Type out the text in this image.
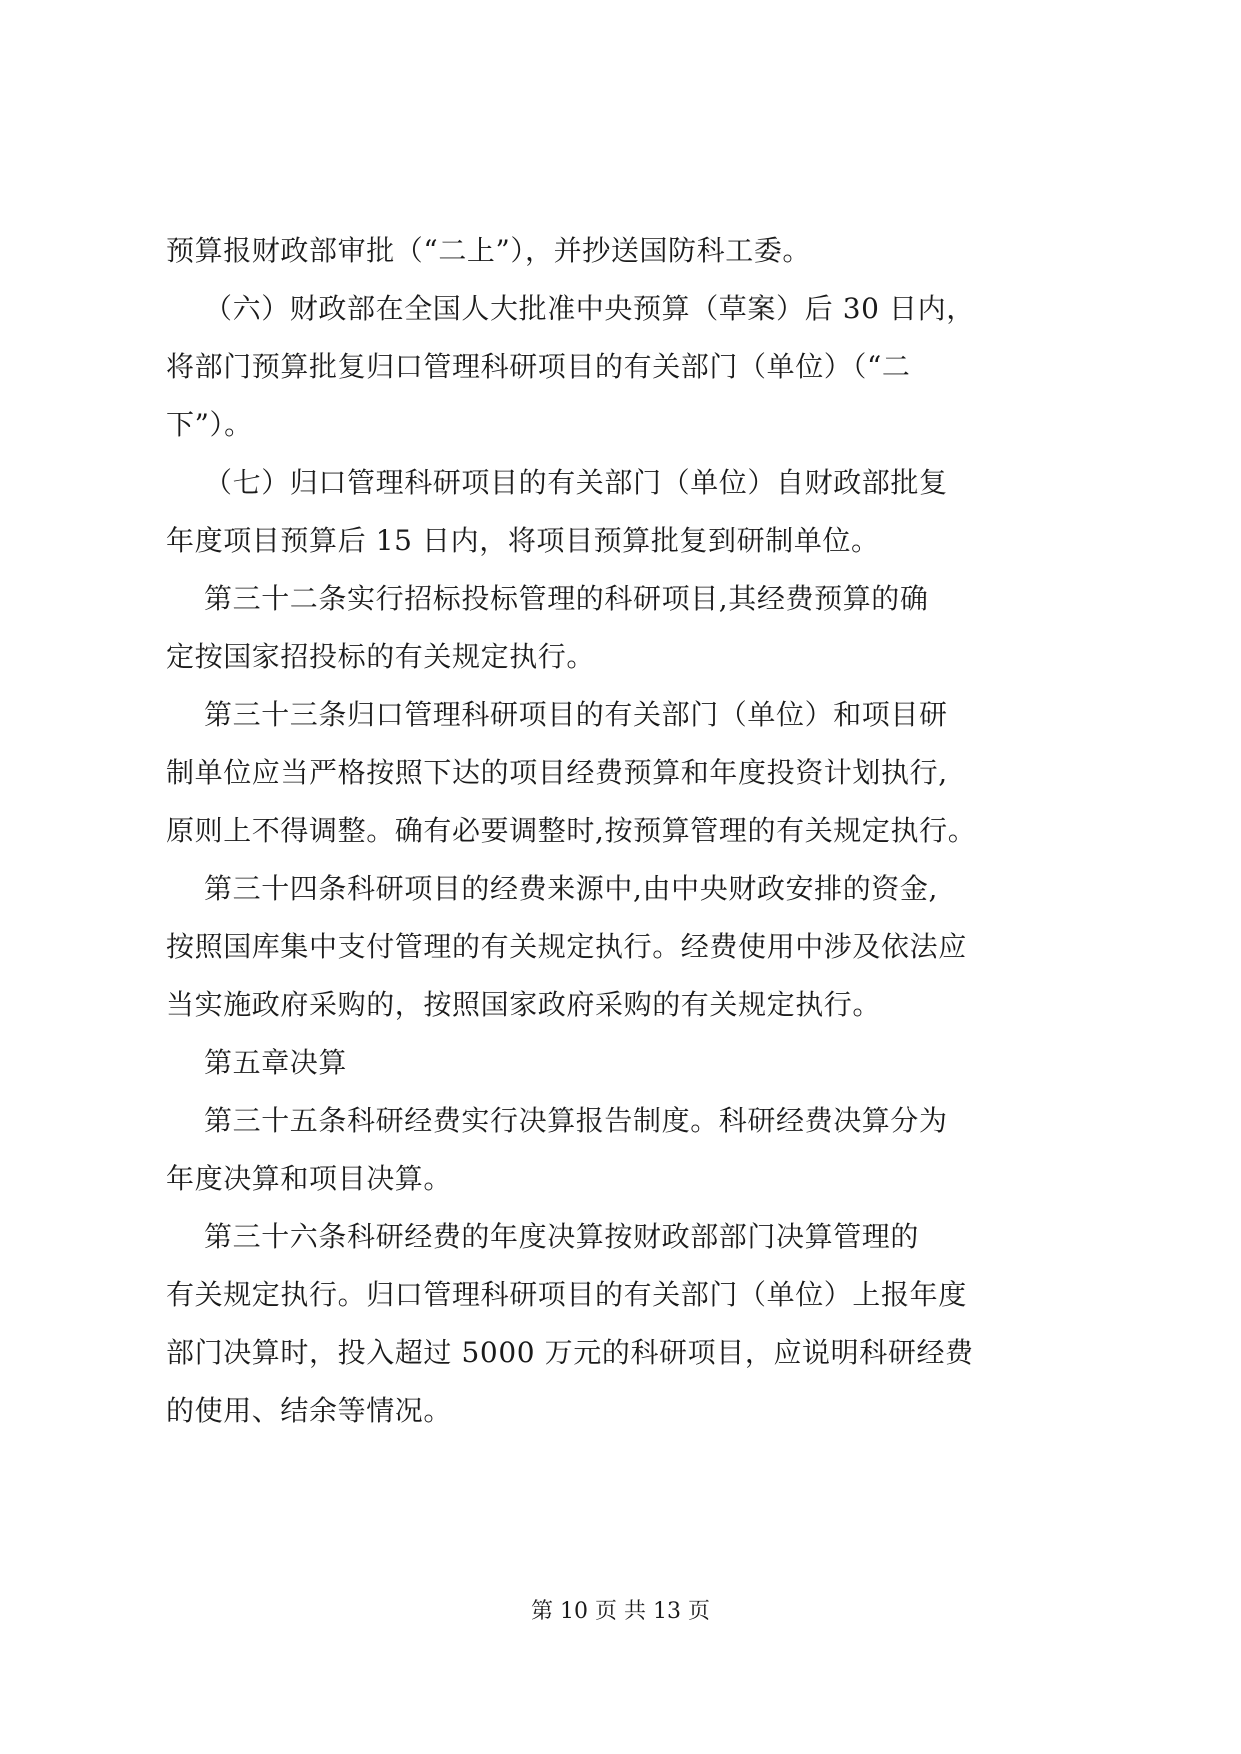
预算报财政部审批（“二上”），并抄送国防科工委。
（六）财政部在全国人大批准中央预算（草案）后 30 日内，
将部门预算批复归口管理科研项目的有关部门（单位）（“二
下”）。
（七）归口管理科研项目的有关部门（单位）自财政部批复
年度项目预算后 15 日内，将项目预算批复到研制单位。
第三十二条实行招标投标管理的科研项目,其经费预算的确
定按国家招投标的有关规定执行。
第三十三条归口管理科研项目的有关部门（单位）和项目研
制单位应当严格按照下达的项目经费预算和年度投资计划执行,
原则上不得调整。确有必要调整时,按预算管理的有关规定执行。
第三十四条科研项目的经费来源中,由中央财政安排的资金,
按照国库集中支付管理的有关规定执行。经费使用中涉及依法应
当实施政府采购的，按照国家政府采购的有关规定执行。
第五章决算
第三十五条科研经费实行决算报告制度。科研经费决算分为
年度决算和项目决算。
第三十六条科研经费的年度决算按财政部部门决算管理的
有关规定执行。归口管理科研项目的有关部门（单位）上报年度
部门决算时，投入超过 5000 万元的科研项目，应说明科研经费
的使用、结余等情况。
第 10 页 共 13 页
